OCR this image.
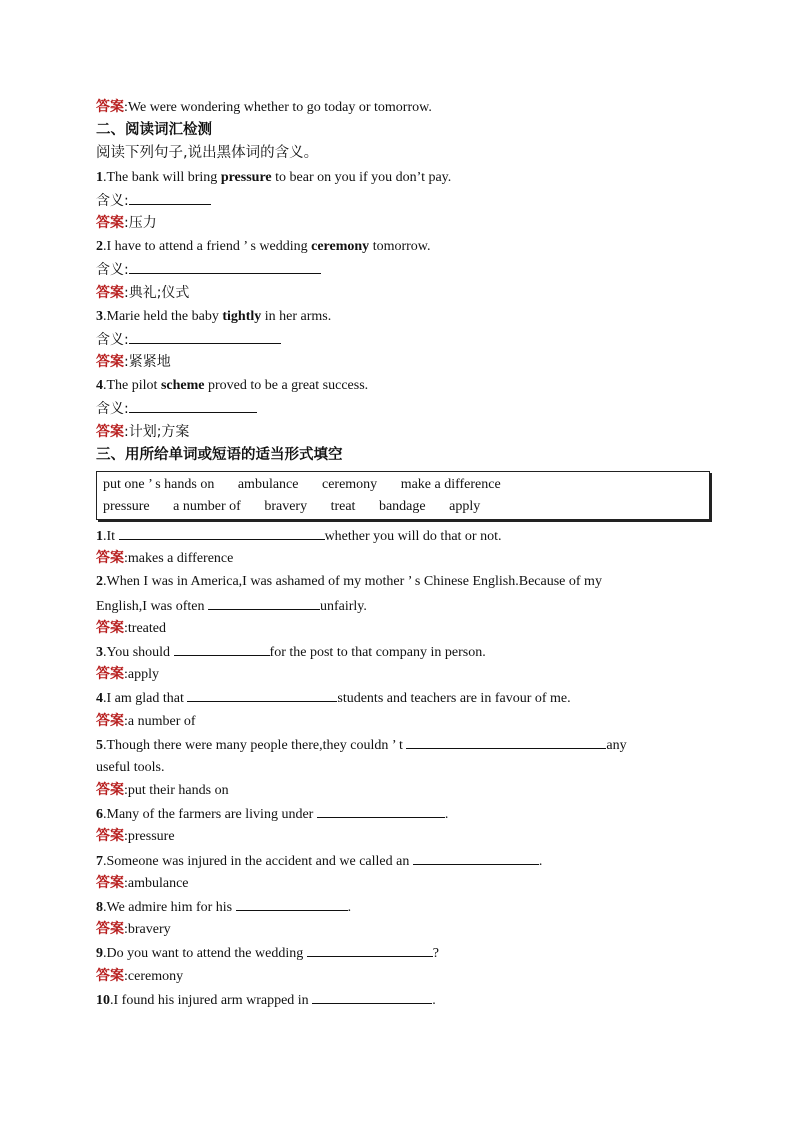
答案:We were wondering whether to go today or tomorrow.
二、阅读词汇检测
阅读下列句子,说出黑体词的含义。
1.The bank will bring pressure to bear on you if you don’t pay.
含义:
答案:压力
2.I have to attend a friend ’ s wedding ceremony tomorrow.
含义:
答案:典礼;仪式
3.Marie held the baby tightly in her arms.
含义:
答案:紧紧地
4.The pilot scheme proved to be a great success.
含义:
答案:计划;方案
三、用所给单词或短语的适当形式填空
put one ’ s hands on ambulance ceremony make a difference
pressure a number of bravery treat bandage apply
1.It	whether you will do that or not.
答案:makes a difference
2.When I was in America,I was ashamed of my mother ’ s Chinese English.Because of my
English,I was often	unfairly.
答案:treated
3.You should	for the post to that company in person.
答案:apply
4.I am glad that	students and teachers are in favour of me.
答案:a number of
5.Though there were many people there,they couldn ’ t	any
useful tools.
答案:put their hands on
6.Many of the farmers are living under	.
答案:pressure
7.Someone was injured in the accident and we called an	.
答案:ambulance
8.We admire him for his	.
答案:bravery
9.Do you want to attend the wedding	?
答案:ceremony
10.I found his injured arm wrapped in	.
